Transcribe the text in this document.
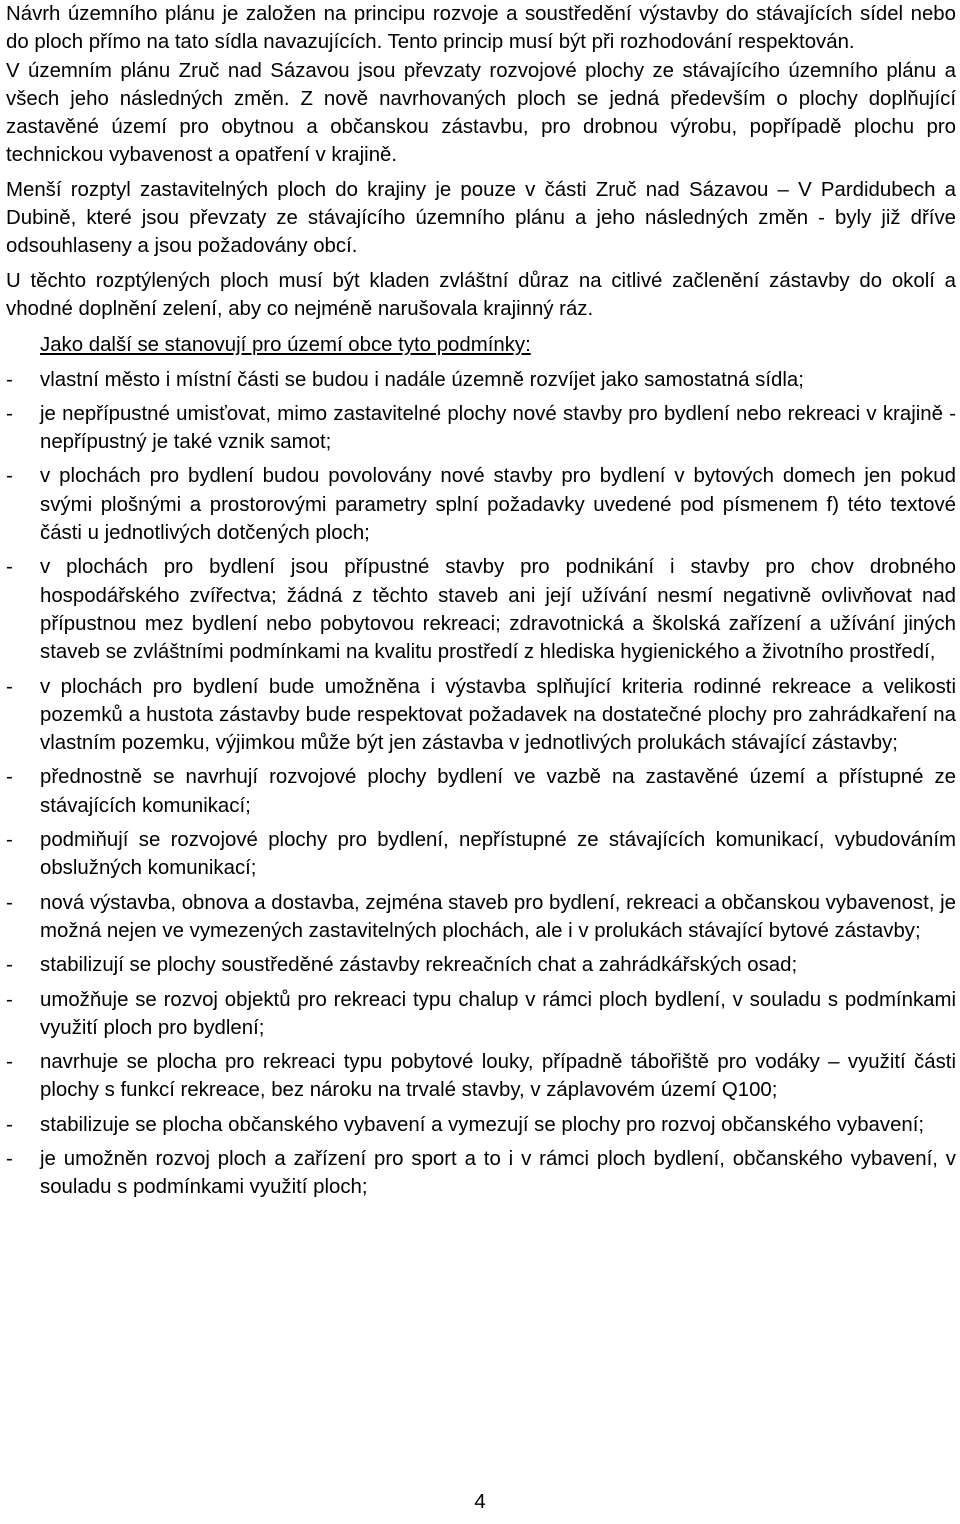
Návrh územního plánu je založen na principu rozvoje a soustředění výstavby do stávajících sídel nebo do ploch přímo na tato sídla navazujících. Tento princip musí být při rozhodování respektován.

V územním plánu Zruč nad Sázavou jsou převzaty rozvojové plochy ze stávajícího územního plánu a všech jeho následných změn. Z nově navrhovaných ploch se jedná především o plochy doplňující zastavěné území pro obytnou a občanskou zástavbu, pro drobnou výrobu, popřípadě plochu pro technickou vybavenost a opatření v krajině.

Menší rozptyl zastavitelných ploch do krajiny je pouze v části Zruč nad Sázavou – V Pardidubech a Dubině, které jsou převzaty ze stávajícího územního plánu a jeho následných změn - byly již dříve odsouhlaseny a jsou požadovány obcí.

U těchto rozptýlených ploch musí být kladen zvláštní důraz na citlivé začlenění zástavby do okolí a vhodné doplnění zelení, aby co nejméně narušovala krajinný ráz.

Jako další se stanovují pro území obce tyto podmínky:
- vlastní město i místní části se budou i nadále územně rozvíjet jako samostatná sídla;
- je nepřípustné umisťovat, mimo zastavitelné plochy nové stavby pro bydlení nebo rekreaci v krajině - nepřípustný je také vznik samot;
- v plochách pro bydlení budou povolovány nové stavby pro bydlení v bytových domech jen pokud svými plošnými a prostorovými parametry splní požadavky uvedené pod písmenem f) této textové části u jednotlivých dotčených ploch;
- v plochách pro bydlení jsou přípustné stavby pro podnikání i stavby pro chov drobného hospodářského zvířectva; žádná z těchto staveb ani její užívání nesmí negativně ovlivňovat nad přípustnou mez bydlení nebo pobytovou rekreaci; zdravotnická a školská zařízení a užívání jiných staveb se zvláštními podmínkami na kvalitu prostředí z hlediska hygienického a životního prostředí,
- v plochách pro bydlení bude umožněna i výstavba splňující kriteria rodinné rekreace a velikosti pozemků a hustota zástavby bude respektovat požadavek na dostatečné plochy pro zahrádkaření na vlastním pozemku, výjimkou může být jen zástavba v jednotlivých prolukách stávající zástavby;
- přednostně se navrhují rozvojové plochy bydlení ve vazbě na zastavěné území a přístupné ze stávajících komunikací;
- podmiňují se rozvojové plochy pro bydlení, nepřístupné ze stávajících komunikací, vybudováním obslužných komunikací;
- nová výstavba, obnova a dostavba, zejména staveb pro bydlení, rekreaci a občanskou vybavenost, je možná nejen ve vymezených zastavitelných plochách, ale i v prolukách stávající bytové zástavby;
- stabilizují se plochy soustředěné zástavby rekreačních chat a zahrádkářských osad;
- umožňuje se rozvoj objektů pro rekreaci typu chalup v rámci ploch bydlení, v souladu s podmínkami využití ploch pro bydlení;
- navrhuje se plocha pro rekreaci typu pobytové louky, případně tábořiště pro vodáky – využití části plochy s funkcí rekreace, bez nároku na trvalé stavby, v záplavovém území Q100;
- stabilizuje se plocha občanského vybavení a vymezují se plochy pro rozvoj občanského vybavení;
- je umožněn rozvoj ploch a zařízení pro sport a to i v rámci ploch bydlení, občanského vybavení, v souladu s podmínkami využití ploch;
4
